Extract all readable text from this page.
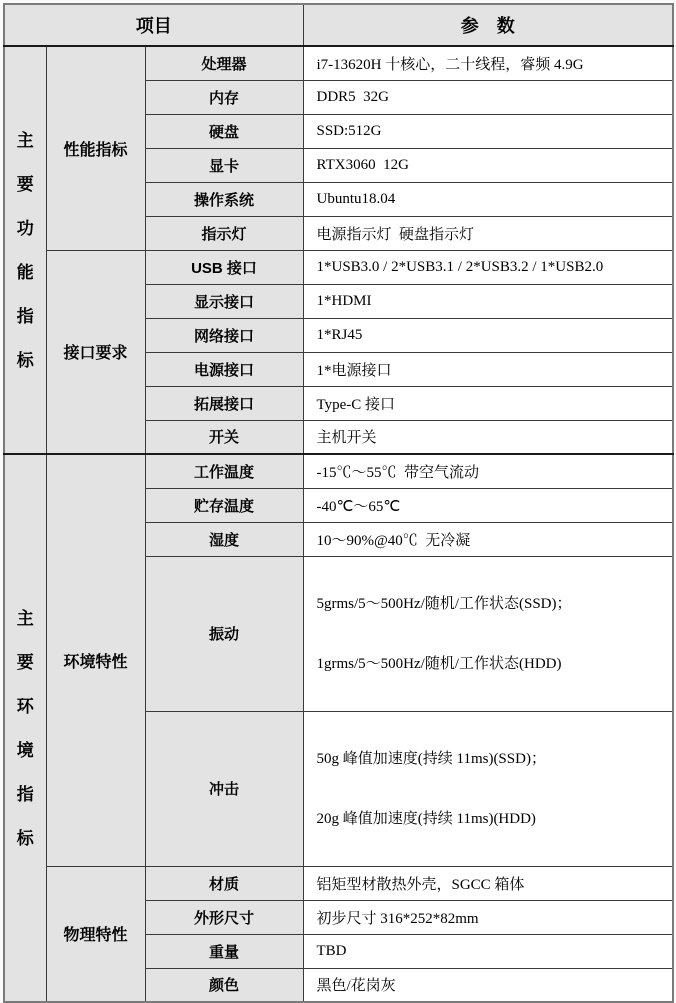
项目			参　数

主
要
功
能
指
标
	性能指标	处理器	i7-13620H 十核心，二十线程，睿频 4.9G
		内存	DDR5  32G
		硬盘	SSD:512G
		显卡	RTX3060  12G
		操作系统	Ubuntu18.04
		指示灯	电源指示灯  硬盘指示灯
	接口要求	USB 接口	1*USB3.0 / 2*USB3.1 / 2*USB3.2 / 1*USB2.0
		显示接口	1*HDMI
		网络接口	1*RJ45
		电源接口	1*电源接口
		拓展接口	Type-C 接口
		开关	主机开关

主
要
环
境
指
标
	环境特性	工作温度	-15℃～55℃  带空气流动
		贮存温度	-40℃～65℃
		湿度	10～90%@40℃  无冷凝
		振动	5grms/5～500Hz/随机/工作状态(SSD)；

1grms/5～500Hz/随机/工作状态(HDD)

		冲击	50g 峰值加速度(持续 11ms)(SSD)；

20g 峰值加速度(持续 11ms)(HDD)

	物理特性	材质	铝矩型材散热外壳，SGCC 箱体
		外形尺寸	初步尺寸 316*252*82mm
		重量	TBD
		颜色	黑色/花岗灰
